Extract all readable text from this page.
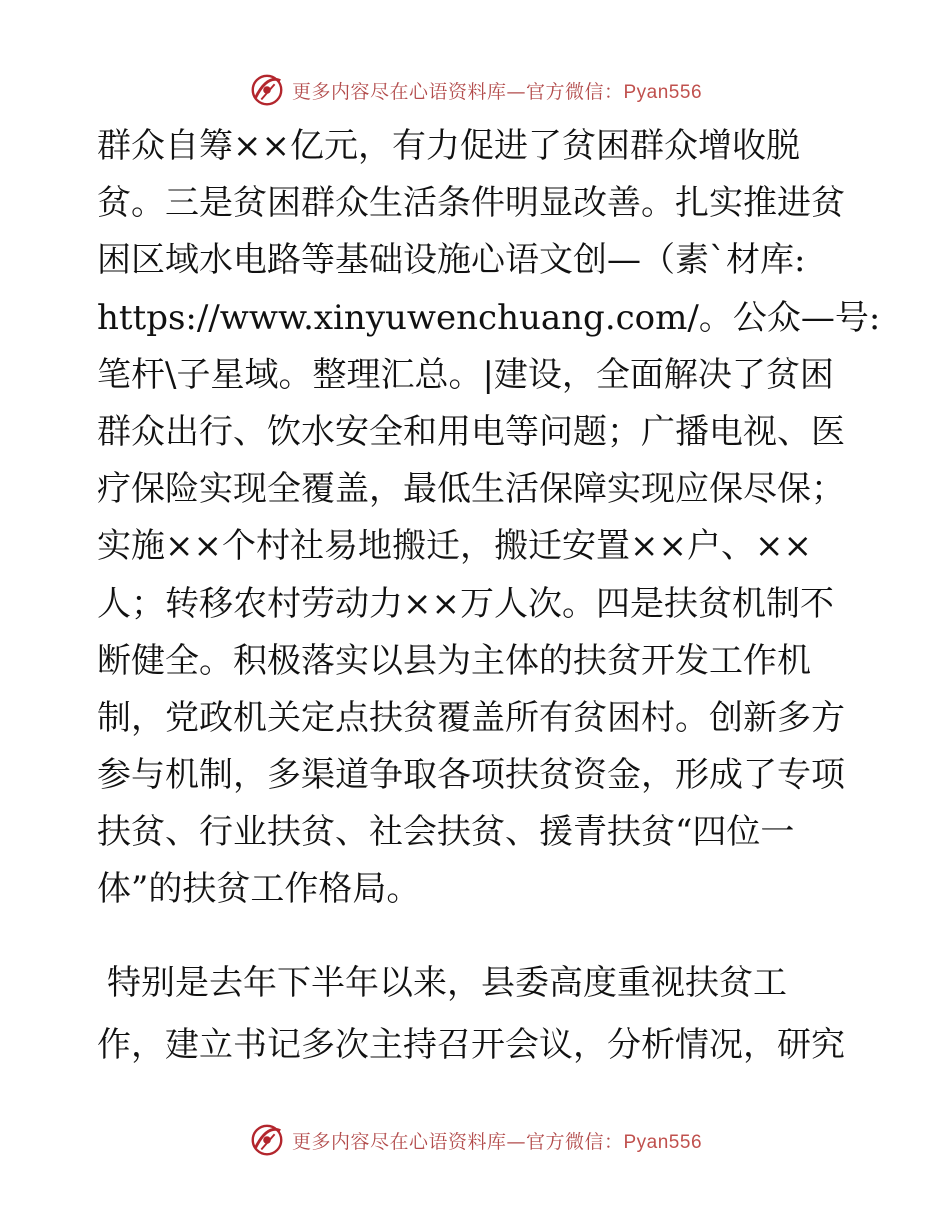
更多内容尽在心语资料库—官方微信：Pyan556
群众自筹××亿元，有力促进了贫困群众增收脱
贫。三是贫困群众生活条件明显改善。扎实推进贫
困区域水电路等基础设施心语文创—（素`材库:
https://www.xinyuwenchuang.com/。公众—号:
笔杆\子星域。整理汇总。|建设，全面解决了贫困
群众出行、饮水安全和用电等问题；广播电视、医
疗保险实现全覆盖，最低生活保障实现应保尽保；
实施××个村社易地搬迁，搬迁安置××户、××
人；转移农村劳动力××万人次。四是扶贫机制不
断健全。积极落实以县为主体的扶贫开发工作机
制，党政机关定点扶贫覆盖所有贫困村。创新多方
参与机制，多渠道争取各项扶贫资金，形成了专项
扶贫、行业扶贫、社会扶贫、援青扶贫“四位一
体”的扶贫工作格局。
特别是去年下半年以来，县委高度重视扶贫工
作，建立书记多次主持召开会议，分析情况，研究
更多内容尽在心语资料库—官方微信：Pyan556
